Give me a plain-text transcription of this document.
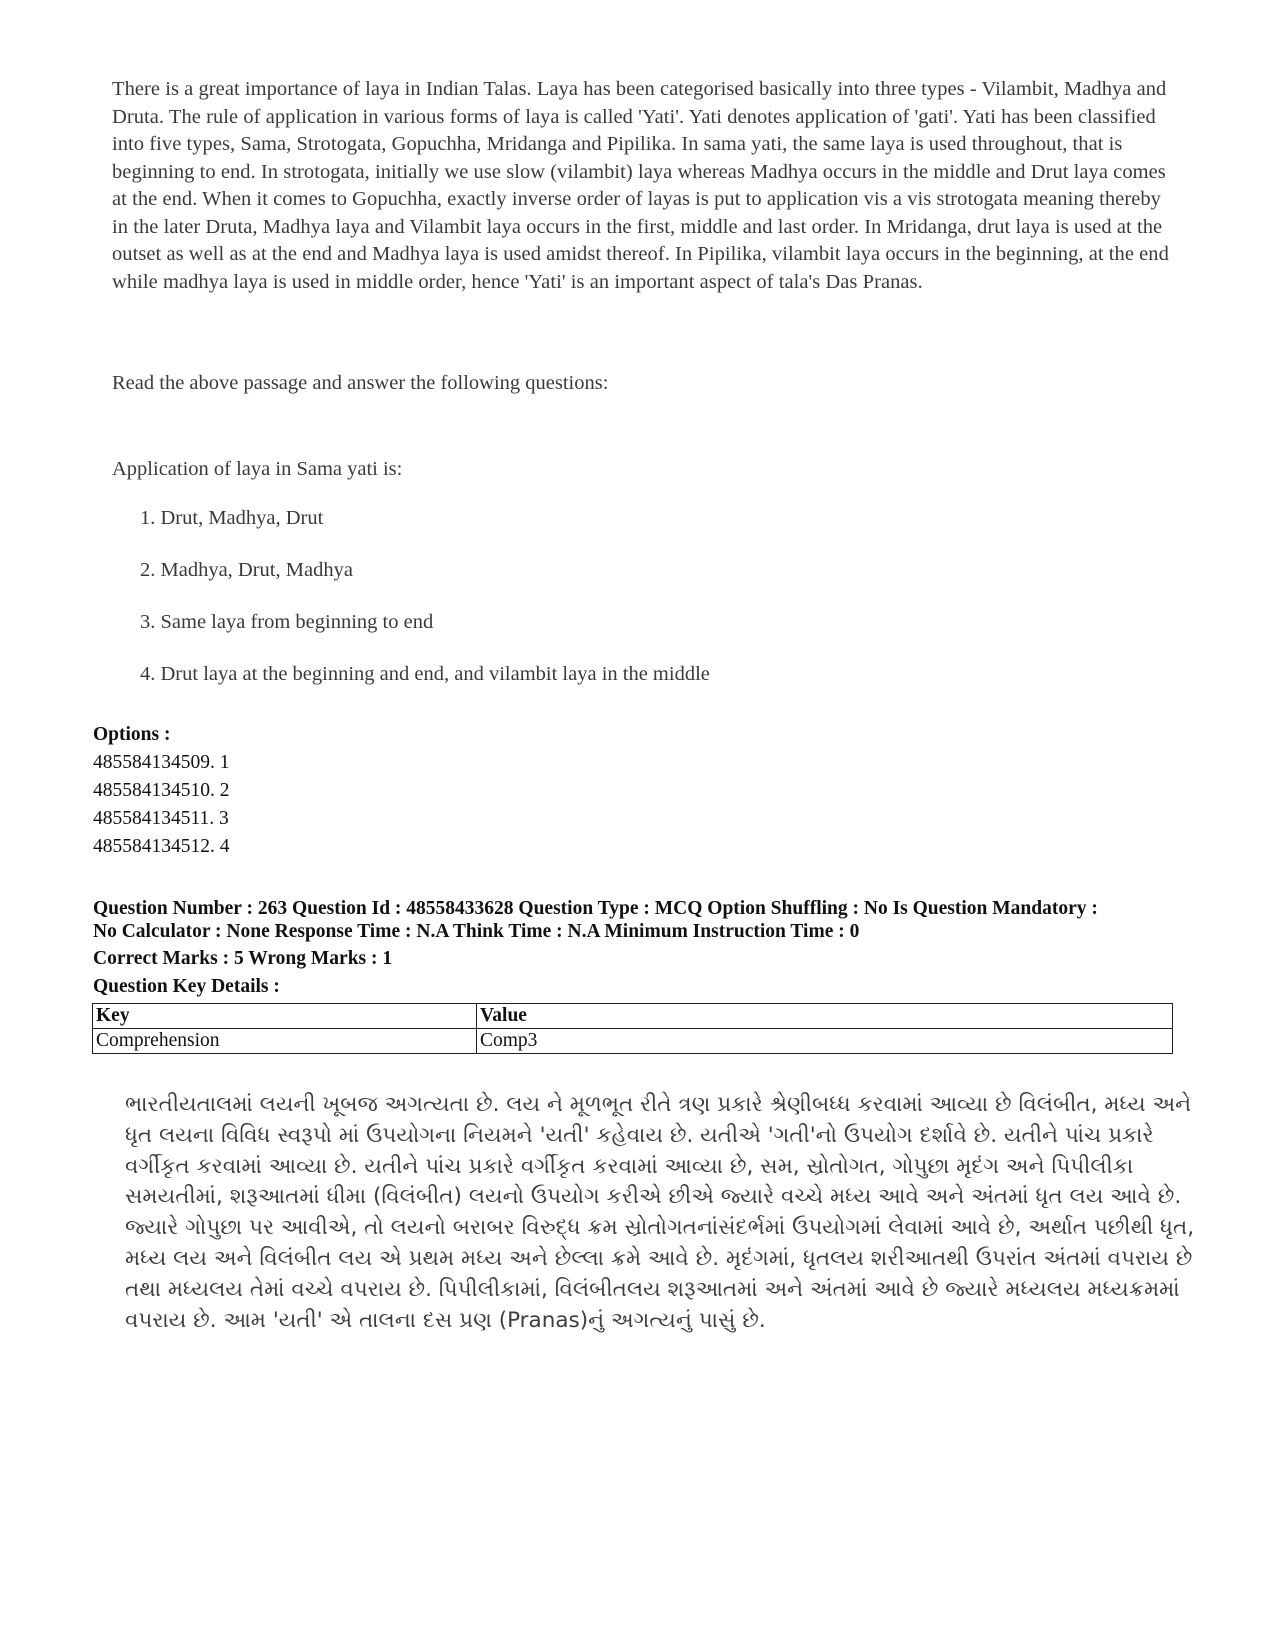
There is a great importance of laya in Indian Talas. Laya has been categorised basically into three types - Vilambit, Madhya and Druta. The rule of application in various forms of laya is called 'Yati'. Yati denotes application of 'gati'. Yati has been classified into five types, Sama, Strotogata, Gopuchha, Mridanga and Pipilika. In sama yati, the same laya is used throughout, that is beginning to end. In strotogata, initially we use slow (vilambit) laya whereas Madhya occurs in the middle and Drut laya comes at the end. When it comes to Gopuchha, exactly inverse order of layas is put to application vis a vis strotogata meaning thereby in the later Druta, Madhya laya and Vilambit laya occurs in the first, middle and last order. In Mridanga, drut laya is used at the outset as well as at the end and Madhya laya is used amidst thereof. In Pipilika, vilambit laya occurs in the beginning, at the end while madhya laya is used in middle order, hence 'Yati' is an important aspect of tala's Das Pranas.
Read the above passage and answer the following questions:
Application of laya in Sama yati is:
1. Drut, Madhya, Drut
2. Madhya, Drut, Madhya
3. Same laya from beginning to end
4. Drut laya at the beginning and end, and vilambit laya in the middle
Options :
485584134509. 1
485584134510. 2
485584134511. 3
485584134512. 4
Question Number : 263 Question Id : 48558433628 Question Type : MCQ Option Shuffling : No Is Question Mandatory :
No Calculator : None Response Time : N.A Think Time : N.A Minimum Instruction Time : 0
Correct Marks : 5 Wrong Marks : 1
Question Key Details :
Key	Value
Comprehension	Comp3
ભારતીયતાલમાં લયની ખૂબજ અગત્યતા છે. લય ને મૂળભૂત રીતે ત્રણ પ્રકારે શ્રેણીબધ્ધ કરવામાં આવ્યા છે વિલંબીત, મધ્ય અને ધૃત લયના વિવિધ સ્વરૂપો માં ઉપયોગના નિયમને 'યતી' કહેવાય છે. યતીએ 'ગતી'નો ઉપયોગ દર્શાવે છે. યતીને પાંચ પ્રકારે વર્ગીકૃત કરવામાં આવ્યા છે. યતીને પાંચ પ્રકારે વર્ગીકૃત કરવામાં આવ્યા છે, સમ, સ્રોતોગત, ગોપુછા મૃદંગ અને પિપીલીકા સમયતીમાં, શરૂઆતમાં ધીમા (વિલંબીત) લયનો ઉપયોગ કરીએ છીએ જ્યારે વચ્ચે મધ્ય આવે અને અંતમાં ધૃત લય આવે છે. જ્યારે ગોપુછા પર આવીએ, તો લયનો બરાબર વિરુદ્ધ ક્રમ સ્રોતોગતનાંસંદર્ભમાં ઉપયોગમાં લેવામાં આવે છે, અર્થાત પછીથી ધૃત, મધ્ય લય અને વિલંબીત લય એ પ્રથમ મધ્ય અને છેલ્લા ક્રમે આવે છે. મૃદંગમાં, ધૃતલય શરીઆતથી ઉપરાંત અંતમાં વપરાય છે તથા મધ્યલય તેમાં વચ્ચે વપરાય છે. પિપીલીકામાં, વિલંબીતલય શરૂઆતમાં અને અંતમાં આવે છે જ્યારે મધ્યલય મધ્યક્રમમાં વપરાય છે. આમ 'યતી' એ તાલના દસ પ્રણ (Pranas)નું અગત્યનું પાસું છે.
